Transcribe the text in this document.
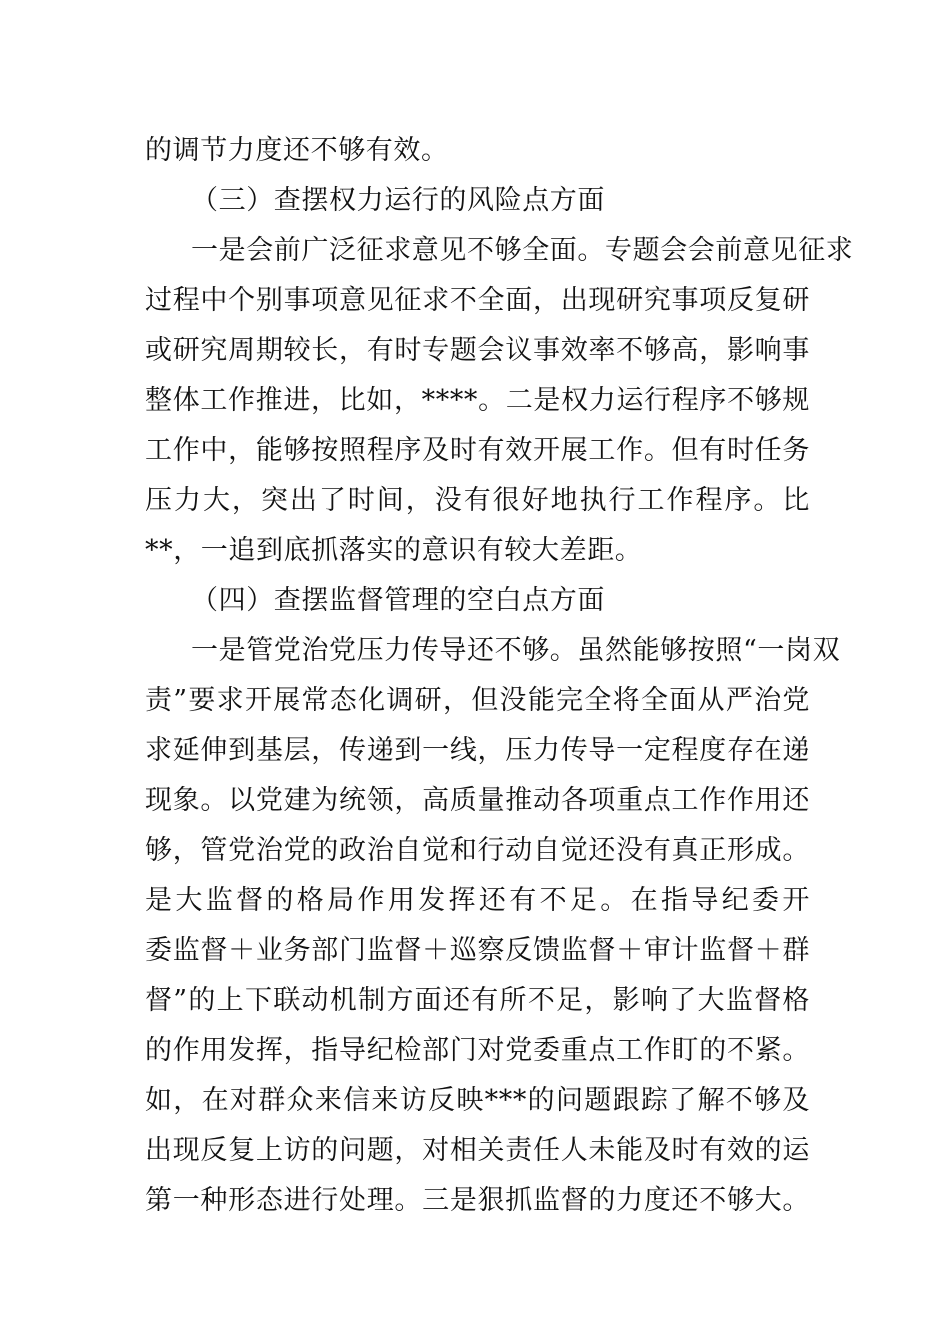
的调节力度还不够有效。
（三）查摆权力运行的风险点方面
一是会前广泛征求意见不够全面。专题会会前意见征求
过程中个别事项意见征求不全面，出现研究事项反复研
或研究周期较长，有时专题会议事效率不够高，影响事
整体工作推进，比如，****。二是权力运行程序不够规
工作中，能够按照程序及时有效开展工作。但有时任务
压力大，突出了时间，没有很好地执行工作程序。比
**，一追到底抓落实的意识有较大差距。
（四）查摆监督管理的空白点方面
一是管党治党压力传导还不够。虽然能够按照“一岗双
责”要求开展常态化调研，但没能完全将全面从严治党
求延伸到基层，传递到一线，压力传导一定程度存在递
现象。以党建为统领，高质量推动各项重点工作作用还
够，管党治党的政治自觉和行动自觉还没有真正形成。
是大监督的格局作用发挥还有不足。在指导纪委开
委监督＋业务部门监督＋巡察反馈监督＋审计监督＋群
督”的上下联动机制方面还有所不足，影响了大监督格
的作用发挥，指导纪检部门对党委重点工作盯的不紧。
如，在对群众来信来访反映***的问题跟踪了解不够及
出现反复上访的问题，对相关责任人未能及时有效的运
第一种形态进行处理。三是狠抓监督的力度还不够大。
